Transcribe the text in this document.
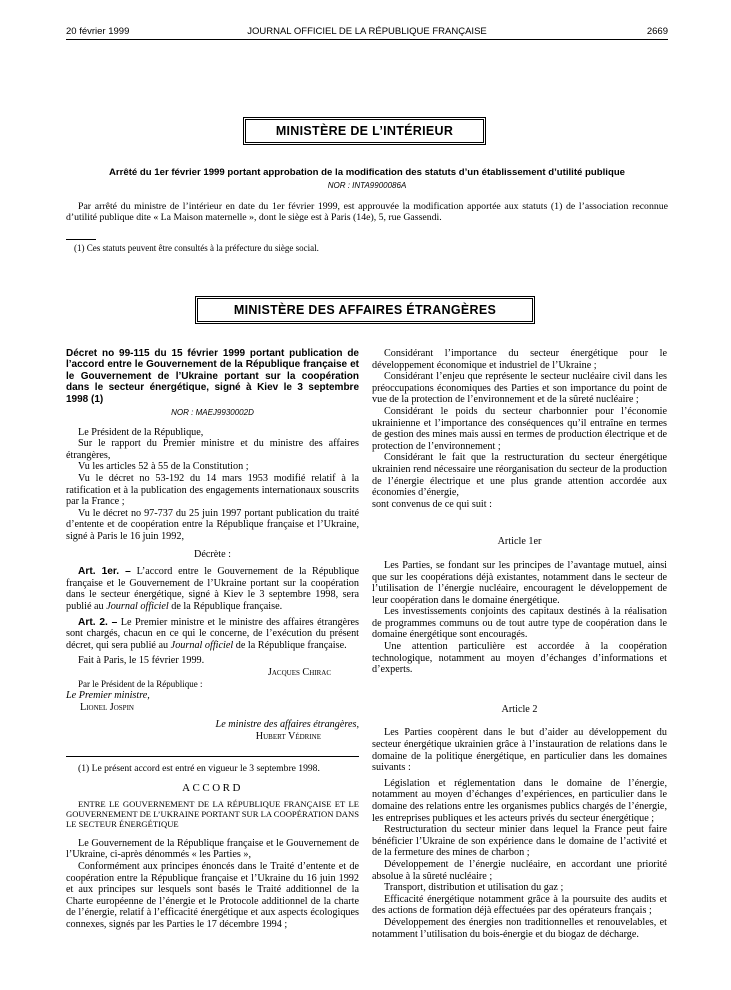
20 février 1999	JOURNAL OFFICIEL DE LA RÉPUBLIQUE FRANÇAISE	2669
MINISTÈRE DE L’INTÉRIEUR
Arrêté du 1er février 1999 portant approbation de la modification des statuts d’un établissement d’utilité publique
NOR : INTA9900086A
Par arrêté du ministre de l’intérieur en date du 1er février 1999, est approuvée la modification apportée aux statuts (1) de l’association reconnue d’utilité publique dite « La Maison maternelle », dont le siège est à Paris (14e), 5, rue Gassendi.
(1) Ces statuts peuvent être consultés à la préfecture du siège social.
MINISTÈRE DES AFFAIRES ÉTRANGÈRES
Décret no 99-115 du 15 février 1999 portant publication de l’accord entre le Gouvernement de la République française et le Gouvernement de l’Ukraine portant sur la coopération dans le secteur énergétique, signé à Kiev le 3 septembre 1998 (1)
NOR : MAEJ9930002D

Le Président de la République,

Sur le rapport du Premier ministre et du ministre des affaires étrangères,

Vu les articles 52 à 55 de la Constitution ;

Vu le décret no 53-192 du 14 mars 1953 modifié relatif à la ratification et à la publication des engagements internationaux souscrits par la France ;

Vu le décret no 97-737 du 25 juin 1997 portant publication du traité d’entente et de coopération entre la République française et l’Ukraine, signé à Paris le 16 juin 1992,

Décrète :

Art. 1er. – L’accord entre le Gouvernement de la République française et le Gouvernement de l’Ukraine portant sur la coopération dans le secteur énergétique, signé à Kiev le 3 septembre 1998, sera publié au Journal officiel de la République française.

Art. 2. – Le Premier ministre et le ministre des affaires étrangères sont chargés, chacun en ce qui le concerne, de l’exécution du présent décret, qui sera publié au Journal officiel de la République française.

Fait à Paris, le 15 février 1999.

Jacques Chirac

Par le Président de la République :

Le Premier ministre,

Lionel Jospin

Le ministre des affaires étrangères,

Hubert Védrine

(1) Le présent accord est entré en vigueur le 3 septembre 1998.

ACCORD

ENTRE LE GOUVERNEMENT DE LA RÉPUBLIQUE FRANÇAISE ET LE GOUVERNEMENT DE L’UKRAINE PORTANT SUR LA COOPÉRATION DANS LE SECTEUR ÉNERGÉTIQUE

Le Gouvernement de la République française et le Gouvernement de l’Ukraine, ci-après dénommés « les Parties »,

Conformément aux principes énoncés dans le Traité d’entente et de coopération entre la République française et l’Ukraine du 16 juin 1992 et aux principes sur lesquels sont basés le Traité additionnel de la Charte européenne de l’énergie et le Protocole additionnel de la charte de l’énergie, relatif à l’efficacité énergétique et aux aspects écologiques connexes, signés par les Parties le 17 décembre 1994 ;

Considérant l’importance du secteur énergétique pour le développement économique et industriel de l’Ukraine ;

Considérant l’enjeu que représente le secteur nucléaire civil dans les préoccupations économiques des Parties et son importance du point de vue de la protection de l’environnement et de la sûreté nucléaire ;

Considérant le poids du secteur charbonnier pour l’économie ukrainienne et l’importance des conséquences qu’il entraîne en termes de gestion des mines mais aussi en termes de production électrique et de protection de l’environnement ;

Considérant le fait que la restructuration du secteur énergétique ukrainien rend nécessaire une réorganisation du secteur de la production de l’énergie électrique et une plus grande attention accordée aux économies d’énergie,

sont convenus de ce qui suit :

Article 1er

Les Parties, se fondant sur les principes de l’avantage mutuel, ainsi que sur les coopérations déjà existantes, notamment dans le secteur de l’utilisation de l’énergie nucléaire, encouragent le développement de leur coopération dans le domaine énergétique.

Les investissements conjoints des capitaux destinés à la réalisation de programmes communs ou de tout autre type de coopération dans le domaine énergétique sont encouragés.

Une attention particulière est accordée à la coopération technologique, notamment au moyen d’échanges d’informations et d’experts.

Article 2

Les Parties coopèrent dans le but d’aider au développement du secteur énergétique ukrainien grâce à l’instauration de relations dans le domaine de la politique énergétique, en particulier dans les domaines suivants :

Législation et réglementation dans le domaine de l’énergie, notamment au moyen d’échanges d’expériences, en particulier dans le domaine des relations entre les organismes publics chargés de l’énergie, les entreprises publiques et les acteurs privés du secteur énergétique ;

Restructuration du secteur minier dans lequel la France peut faire bénéficier l’Ukraine de son expérience dans le domaine de l’activité et de la fermeture des mines de charbon ;

Développement de l’énergie nucléaire, en accordant une priorité absolue à la sûreté nucléaire ;

Transport, distribution et utilisation du gaz ;

Efficacité énergétique notamment grâce à la poursuite des audits et des actions de formation déjà effectuées par des opérateurs français ;

Développement des énergies non traditionnelles et renouvelables, et notamment l’utilisation du bois-énergie et du biogaz de décharge.
